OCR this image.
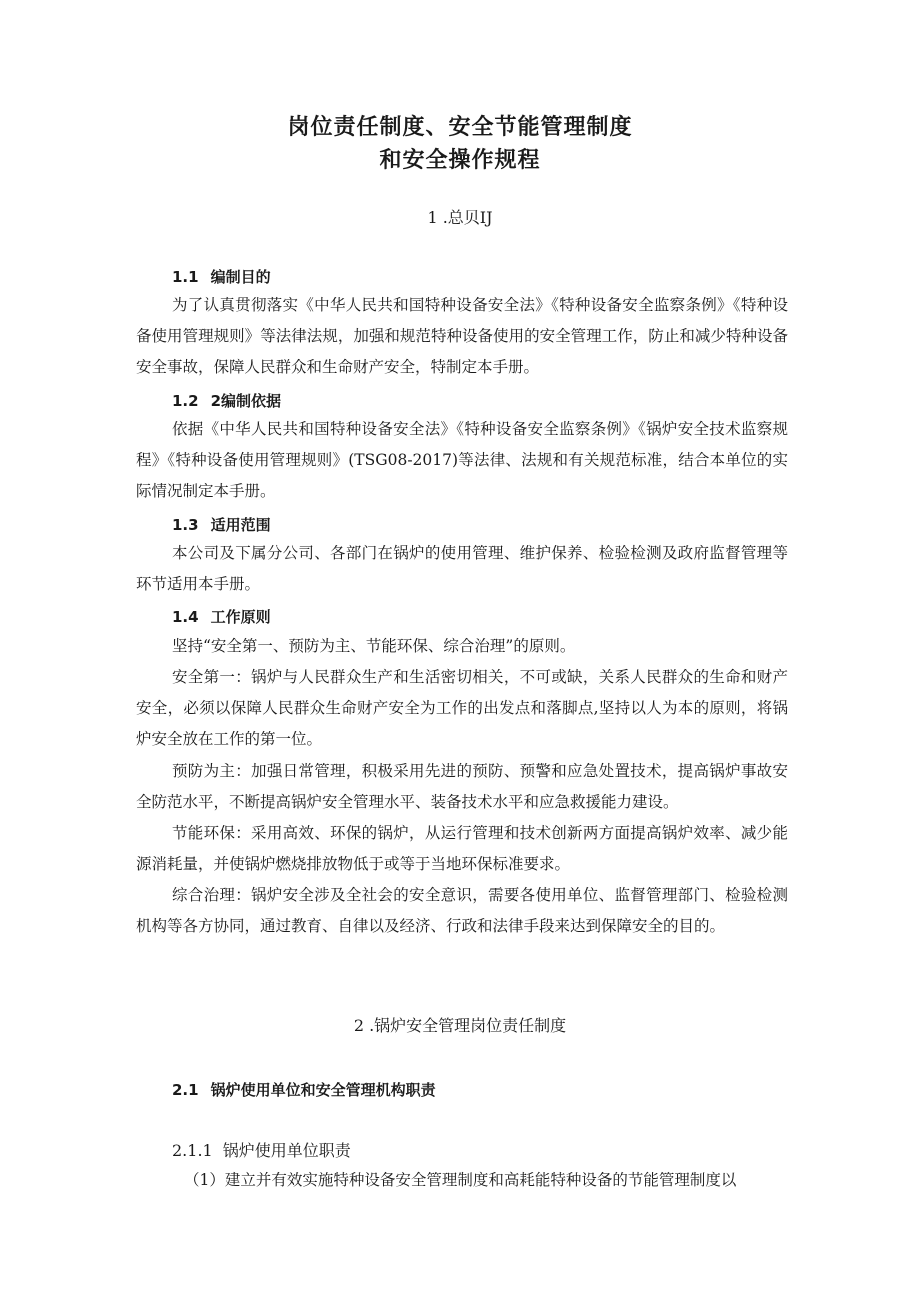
岗位责任制度、安全节能管理制度
和安全操作规程
1 .总贝IJ
1.1 编制目的

为了认真贯彻落实《中华人民共和国特种设备安全法》《特种设备安全监察条例》《特种设备使用管理规则》等法律法规，加强和规范特种设备使用的安全管理工作，防止和减少特种设备安全事故，保障人民群众和生命财产安全，特制定本手册。

1.2 2编制依据

依据《中华人民共和国特种设备安全法》《特种设备安全监察条例》《锅炉安全技术监察规程》《特种设备使用管理规则》(TSG08-2017)等法律、法规和有关规范标准，结合本单位的实际情况制定本手册。

1.3 适用范围

本公司及下属分公司、各部门在锅炉的使用管理、维护保养、检验检测及政府监督管理等环节适用本手册。

1.4 工作原则

坚持“安全第一、预防为主、节能环保、综合治理”的原则。

安全第一：锅炉与人民群众生产和生活密切相关，不可或缺，关系人民群众的生命和财产安全，必须以保障人民群众生命财产安全为工作的出发点和落脚点,坚持以人为本的原则，将锅炉安全放在工作的第一位。

预防为主：加强日常管理，积极采用先进的预防、预警和应急处置技术，提高锅炉事故安全防范水平，不断提高锅炉安全管理水平、装备技术水平和应急救援能力建设。

节能环保：采用高效、环保的锅炉，从运行管理和技术创新两方面提高锅炉效率、减少能源消耗量，并使锅炉燃烧排放物低于或等于当地环保标准要求。

综合治理：锅炉安全涉及全社会的安全意识，需要各使用单位、监督管理部门、检验检测机构等各方协同，通过教育、自律以及经济、行政和法律手段来达到保障安全的目的。

2 .锅炉安全管理岗位责任制度
2.1 锅炉使用单位和安全管理机构职责
2.1.1 锅炉使用单位职责

（1）建立并有效实施特种设备安全管理制度和高耗能特种设备的节能管理制度以
